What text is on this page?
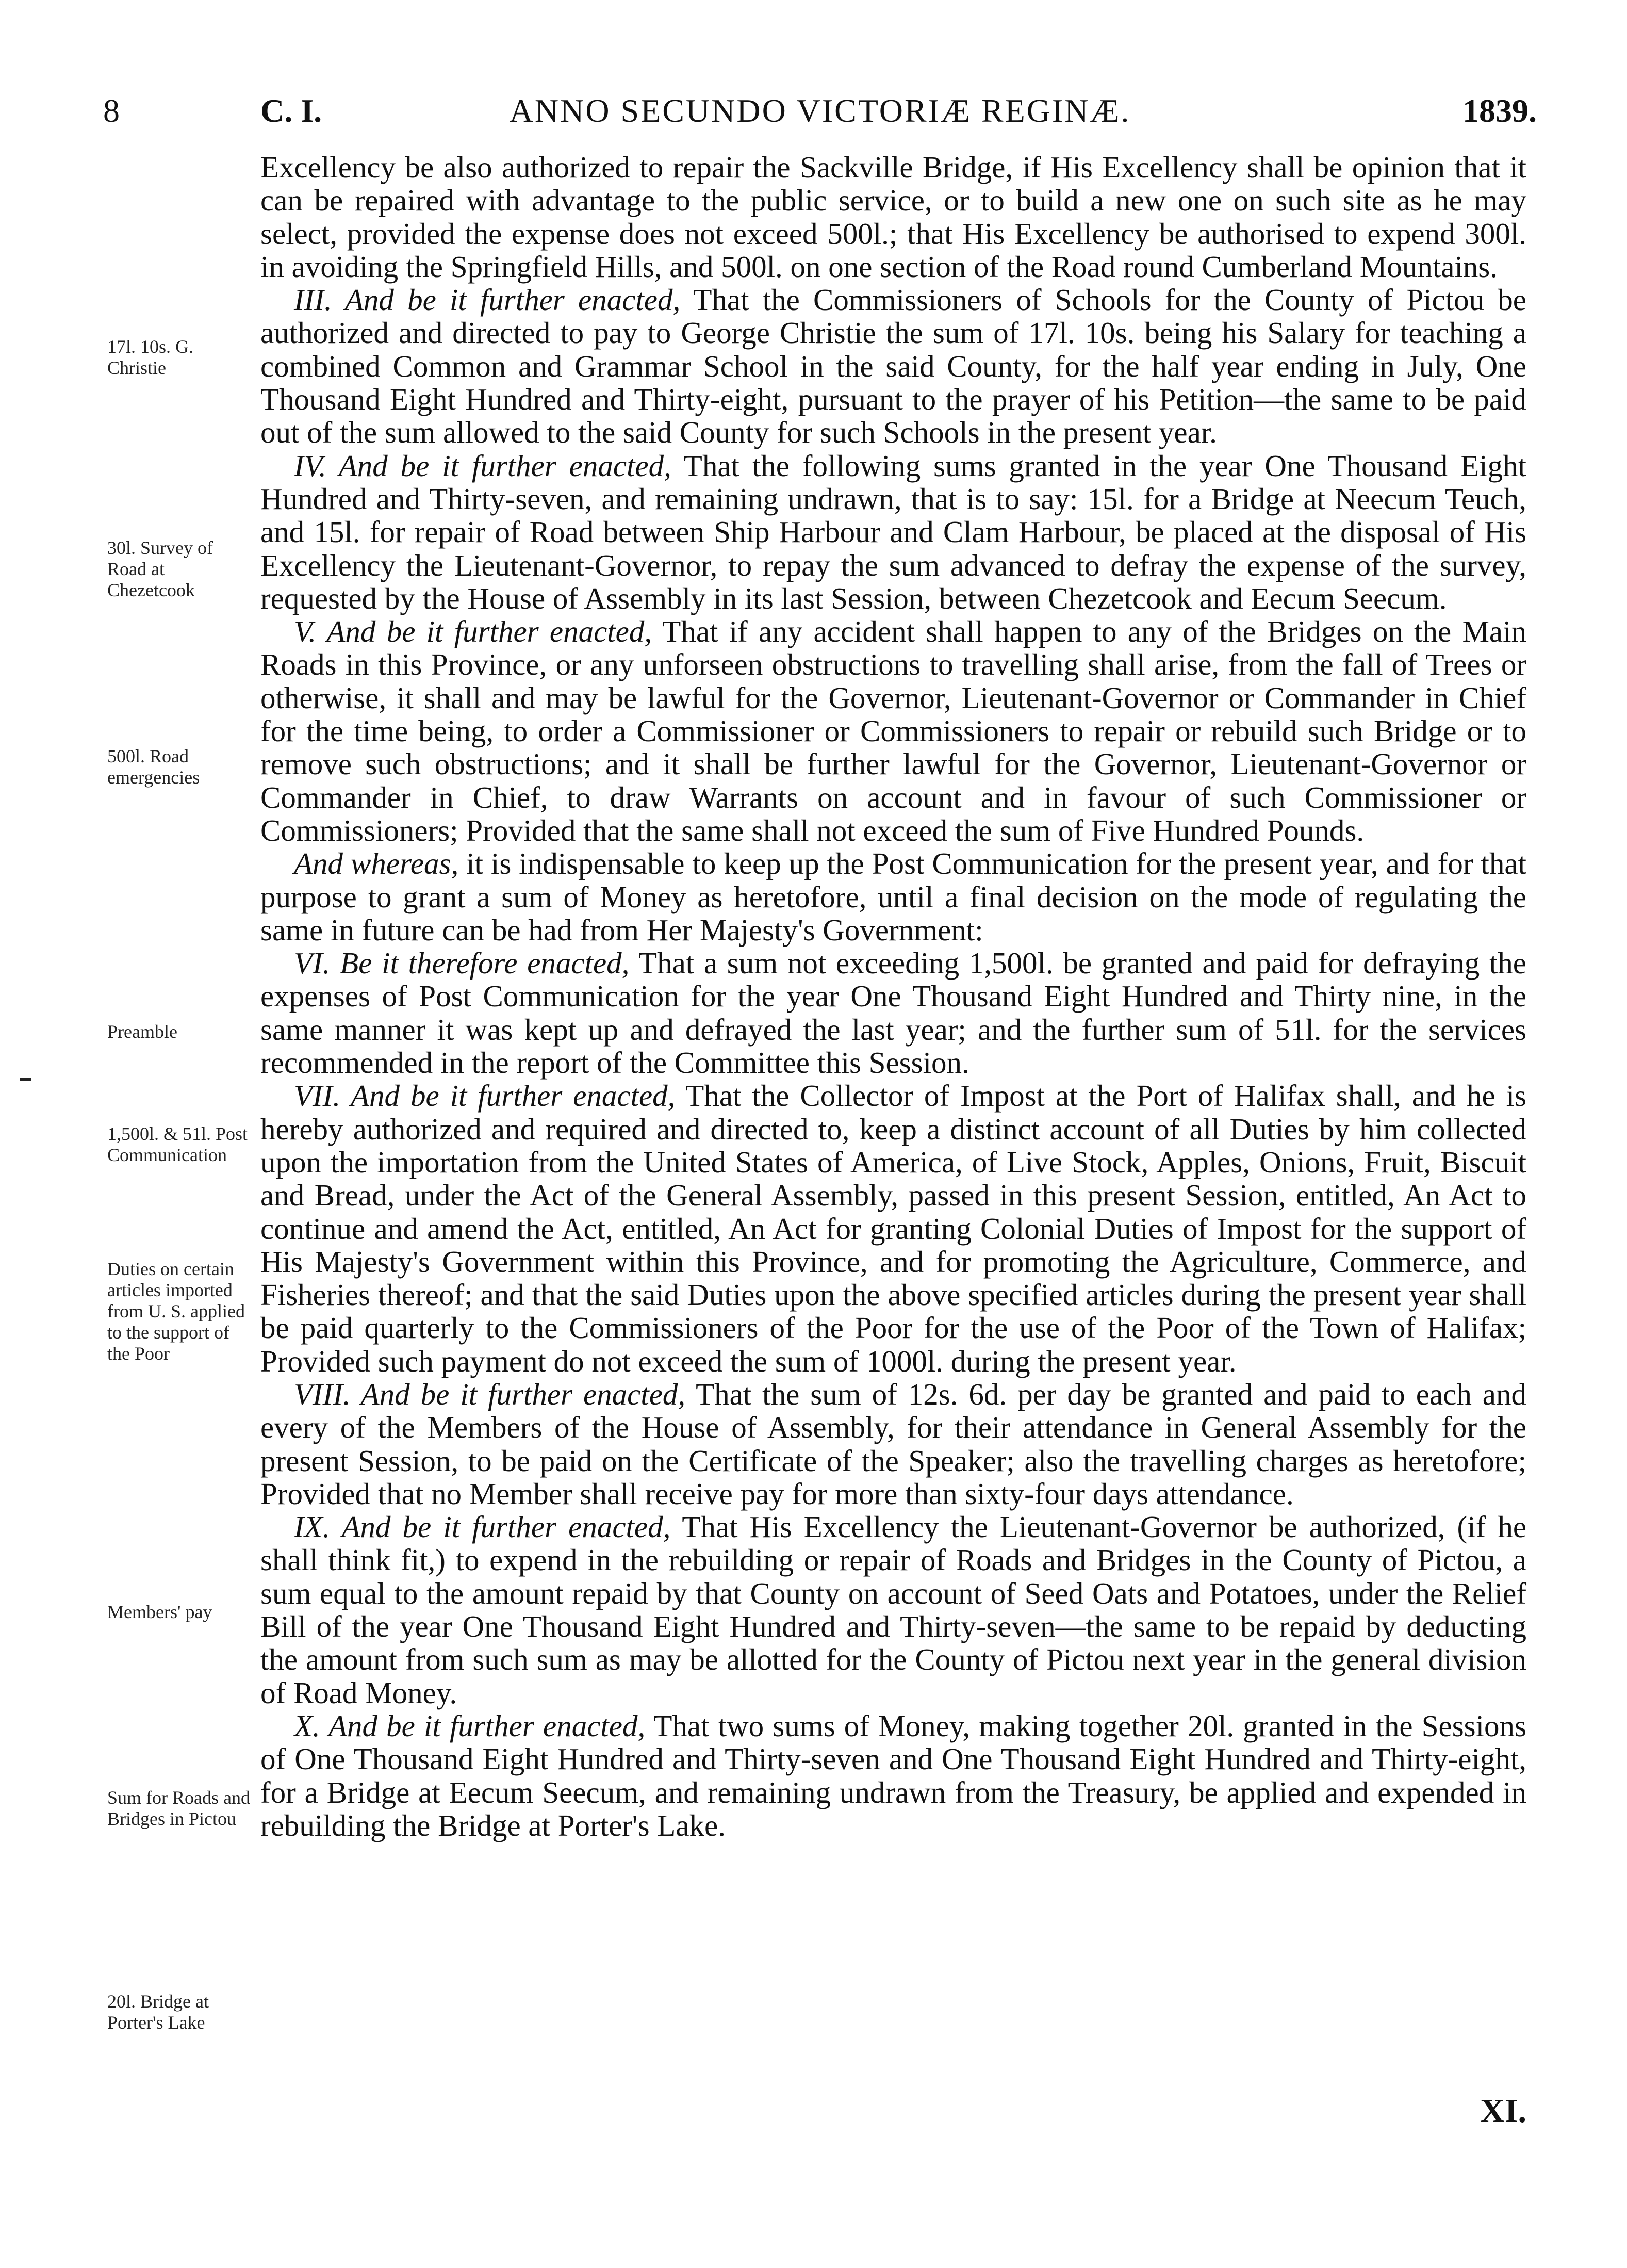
8	C. I.	ANNO SECUNDO VICTORIÆ REGINÆ.	1839.
17l. 10s. G. Christie
30l. Survey of Road at Chezetcook
500l. Road emergencies
Preamble
1,500l. & 51l. Post Communication
Duties on certain articles imported from U. S. applied to the support of the Poor
Members' pay
Sum for Roads and Bridges in Pictou
20l. Bridge at Porter's Lake

Excellency be also authorized to repair the Sackville Bridge, if His Excellency shall be opinion that it can be repaired with advantage to the public service, or to build a new one on such site as he may select, provided the expense does not exceed 500l.; that His Excellency be authorised to expend 300l. in avoiding the Springfield Hills, and 500l. on one section of the Road round Cumberland Mountains.

III. And be it further enacted, That the Commissioners of Schools for the County of Pictou be authorized and directed to pay to George Christie the sum of 17l. 10s. being his Salary for teaching a combined Common and Grammar School in the said County, for the half year ending in July, One Thousand Eight Hundred and Thirty-eight, pursuant to the prayer of his Petition—the same to be paid out of the sum allowed to the said County for such Schools in the present year.

IV. And be it further enacted, That the following sums granted in the year One Thousand Eight Hundred and Thirty-seven, and remaining undrawn, that is to say: 15l. for a Bridge at Neecum Teuch, and 15l. for repair of Road between Ship Harbour and Clam Harbour, be placed at the disposal of His Excellency the Lieutenant-Governor, to repay the sum advanced to defray the expense of the survey, requested by the House of Assembly in its last Session, between Chezetcook and Eecum Seecum.

V. And be it further enacted, That if any accident shall happen to any of the Bridges on the Main Roads in this Province, or any unforseen obstructions to travelling shall arise, from the fall of Trees or otherwise, it shall and may be lawful for the Governor, Lieutenant-Governor or Commander in Chief for the time being, to order a Commissioner or Commissioners to repair or rebuild such Bridge or to remove such obstructions; and it shall be further lawful for the Governor, Lieutenant-Governor or Commander in Chief, to draw Warrants on account and in favour of such Commissioner or Commissioners; Provided that the same shall not exceed the sum of Five Hundred Pounds.

And whereas, it is indispensable to keep up the Post Communication for the present year, and for that purpose to grant a sum of Money as heretofore, until a final decision on the mode of regulating the same in future can be had from Her Majesty's Government:

VI. Be it therefore enacted, That a sum not exceeding 1,500l. be granted and paid for defraying the expenses of Post Communication for the year One Thousand Eight Hundred and Thirty nine, in the same manner it was kept up and defrayed the last year; and the further sum of 51l. for the services recommended in the report of the Committee this Session.

VII. And be it further enacted, That the Collector of Impost at the Port of Halifax shall, and he is hereby authorized and required and directed to, keep a distinct account of all Duties by him collected upon the importation from the United States of America, of Live Stock, Apples, Onions, Fruit, Biscuit and Bread, under the Act of the General Assembly, passed in this present Session, entitled, An Act to continue and amend the Act, entitled, An Act for granting Colonial Duties of Impost for the support of His Majesty's Government within this Province, and for promoting the Agriculture, Commerce, and Fisheries thereof; and that the said Duties upon the above specified articles during the present year shall be paid quarterly to the Commissioners of the Poor for the use of the Poor of the Town of Halifax; Provided such payment do not exceed the sum of 1000l. during the present year.

VIII. And be it further enacted, That the sum of 12s. 6d. per day be granted and paid to each and every of the Members of the House of Assembly, for their attendance in General Assembly for the present Session, to be paid on the Certificate of the Speaker; also the travelling charges as heretofore; Provided that no Member shall receive pay for more than sixty-four days attendance.

IX. And be it further enacted, That His Excellency the Lieutenant-Governor be authorized, (if he shall think fit,) to expend in the rebuilding or repair of Roads and Bridges in the County of Pictou, a sum equal to the amount repaid by that County on account of Seed Oats and Potatoes, under the Relief Bill of the year One Thousand Eight Hundred and Thirty-seven—the same to be repaid by deducting the amount from such sum as may be allotted for the County of Pictou next year in the general division of Road Money.

X. And be it further enacted, That two sums of Money, making together 20l. granted in the Sessions of One Thousand Eight Hundred and Thirty-seven and One Thousand Eight Hundred and Thirty-eight, for a Bridge at Eecum Seecum, and remaining undrawn from the Treasury, be applied and expended in rebuilding the Bridge at Porter's Lake.

XI.
